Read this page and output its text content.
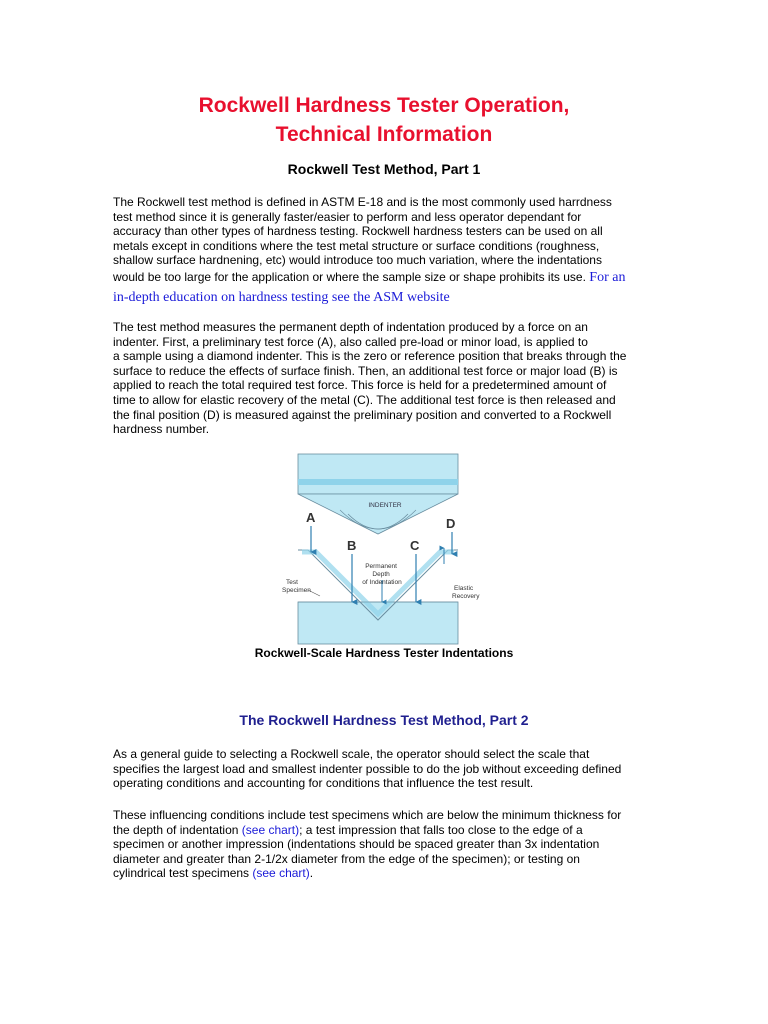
Rockwell Hardness Tester Operation,
Technical Information
Rockwell Test Method, Part 1

The Rockwell test method is defined in ASTM E-18 and is the most commonly used harrdness
test method since it is generally faster/easier to perform and less operator dependant for
accuracy than other types of hardness testing. Rockwell hardness testers can be used on all
metals except in conditions where the test metal structure or surface conditions (roughness,
shallow surface hardnening, etc) would introduce too much variation, where the indentations
would be too large for the application or where the sample size or shape prohibits its use. For an
in-depth education on hardness testing see the ASM website

The test method measures the permanent depth of indentation produced by a force on an
indenter. First, a preliminary test force (A), also called pre-load or minor load, is applied to
a sample using a diamond indenter. This is the zero or reference position that breaks through the
surface to reduce the effects of surface finish. Then, an additional test force or major load (B) is
applied to reach the total required test force. This force is held for a predetermined amount of
time to allow for elastic recovery of the metal (C). The additional test force is then released and
the final position (D) is measured against the preliminary position and converted to a Rockwell
hardness number.

INDENTER
A
B	C
D
Permanent Depth of Indentation
Test Specimen	Elastic Recovery

Rockwell-Scale Hardness Tester Indentations

The Rockwell Hardness Test Method, Part 2

As a general guide to selecting a Rockwell scale, the operator should select the scale that
specifies the largest load and smallest indenter possible to do the job without exceeding defined
operating conditions and accounting for conditions that influence the test result.

These influencing conditions include test specimens which are below the minimum thickness for
the depth of indentation (see chart); a test impression that falls too close to the edge of a
specimen or another impression (indentations should be spaced greater than 3x indentation
diameter and greater than 2-1/2x diameter from the edge of the specimen); or testing on
cylindrical test specimens (see chart).
